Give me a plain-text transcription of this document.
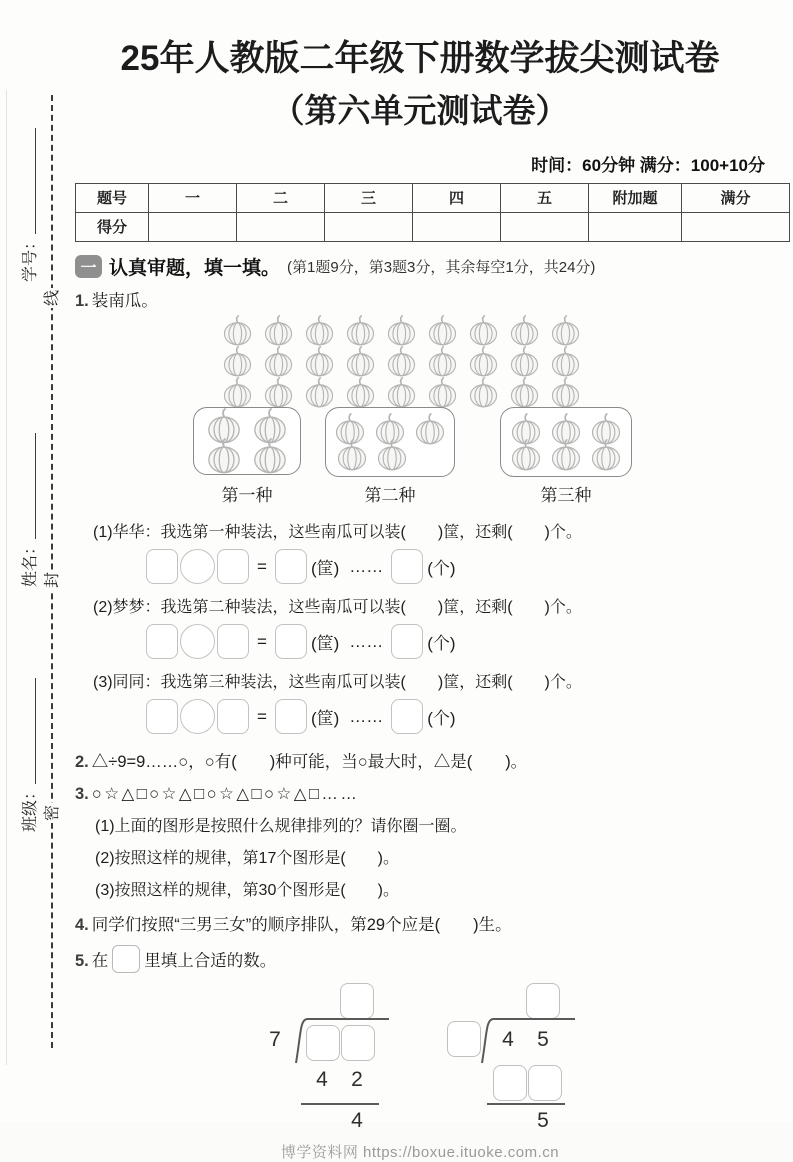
学号：
姓名：
班级：
线
封
密
25年人教版二年级下册数学拔尖测试卷
（第六单元测试卷）
时间：60分钟 满分：100+10分
题号	一	二	三	四	五	附加题	满分
得分							
一 认真审题，填一填。 (第1题9分，第3题3分，其余每空1分，共24分)
1. 装南瓜。
第一种	第二种	第三种
(1)华华：我选第一种装法，这些南瓜可以装(　　)筐，还剩(　　)个。
=	(筐) ……	(个)
(2)梦梦：我选第二种装法，这些南瓜可以装(　　)筐，还剩(　　)个。
=	(筐) ……	(个)
(3)同同：我选第三种装法，这些南瓜可以装(　　)筐，还剩(　　)个。
=	(筐) ……	(个)
2. △÷9=9……○，○有(　　)种可能，当○最大时，△是(　　)。
3. ○☆△□○☆△□○☆△□○☆△□……
(1)上面的图形是按照什么规律排列的？请你圈一圈。
(2)按照这样的规律，第17个图形是(　　)。
(3)按照这样的规律，第30个图形是(　　)。
4. 同学们按照“三男三女”的顺序排队，第29个应是(　　)生。
5. 在 里填上合适的数。
7
4	2
4
4	5
5
博学资料网 https://boxue.ituoke.com.cn
